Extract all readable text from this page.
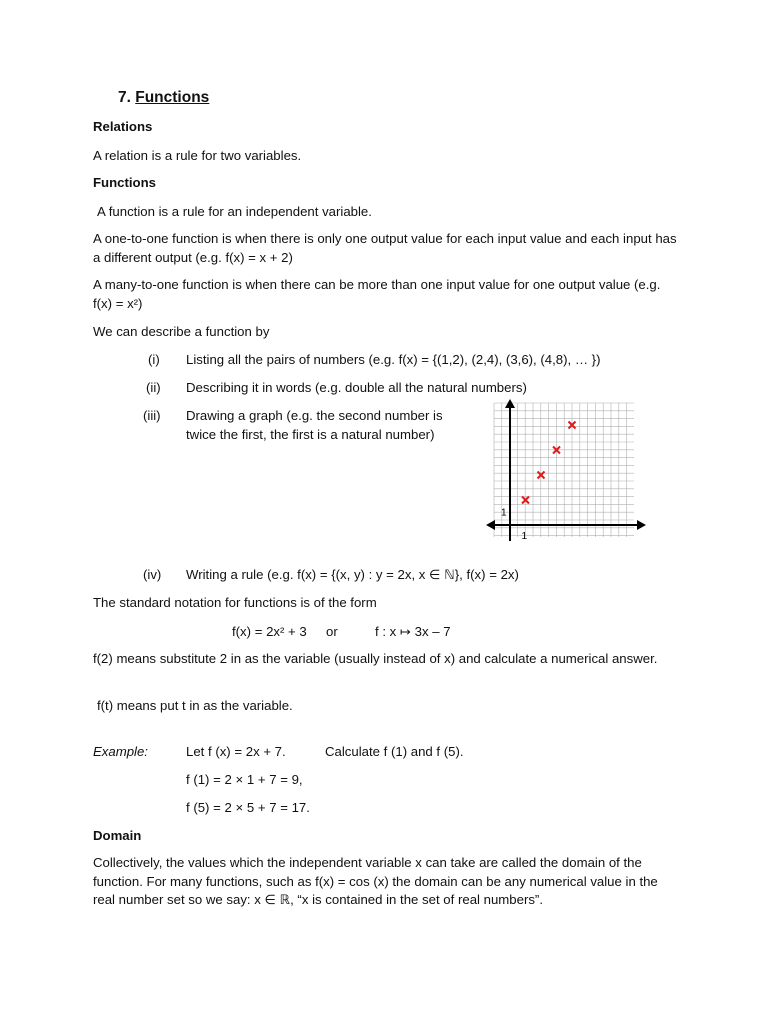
7. Functions
Relations
A relation is a rule for two variables.
Functions
A function is a rule for an independent variable.
A one-to-one function is when there is only one output value for each input value and each input has a different output (e.g. f(x) = x + 2)
A many-to-one function is when there can be more than one input value for one output value (e.g. f(x) = x²)
We can describe a function by
(i) Listing all the pairs of numbers (e.g. f(x) = {(1,2), (2,4), (3,6), (4,8), … })
(ii) Describing it in words (e.g. double all the natural numbers)
(iii) Drawing a graph (e.g. the second number is
twice the first, the first is a natural number)
1
1
(iv) Writing a rule (e.g. f(x) = {(x, y) : y = 2x, x ∈ ℕ}, f(x) = 2x)
The standard notation for functions is of the form
f(x) = 2x² + 3 or	f : x ↦ 3x – 7
f(2) means substitute 2 in as the variable (usually instead of x) and calculate a numerical answer.
f(t) means put t in as the variable.
Example:	Let f (x) = 2x + 7.	Calculate f (1) and f (5).
f (1) = 2 × 1 + 7 = 9,
f (5) = 2 × 5 + 7 = 17.
Domain
Collectively, the values which the independent variable x can take are called the domain of the function. For many functions, such as f(x) = cos (x) the domain can be any numerical value in the real number set so we say: x ∈ ℝ, “x is contained in the set of real numbers”.
